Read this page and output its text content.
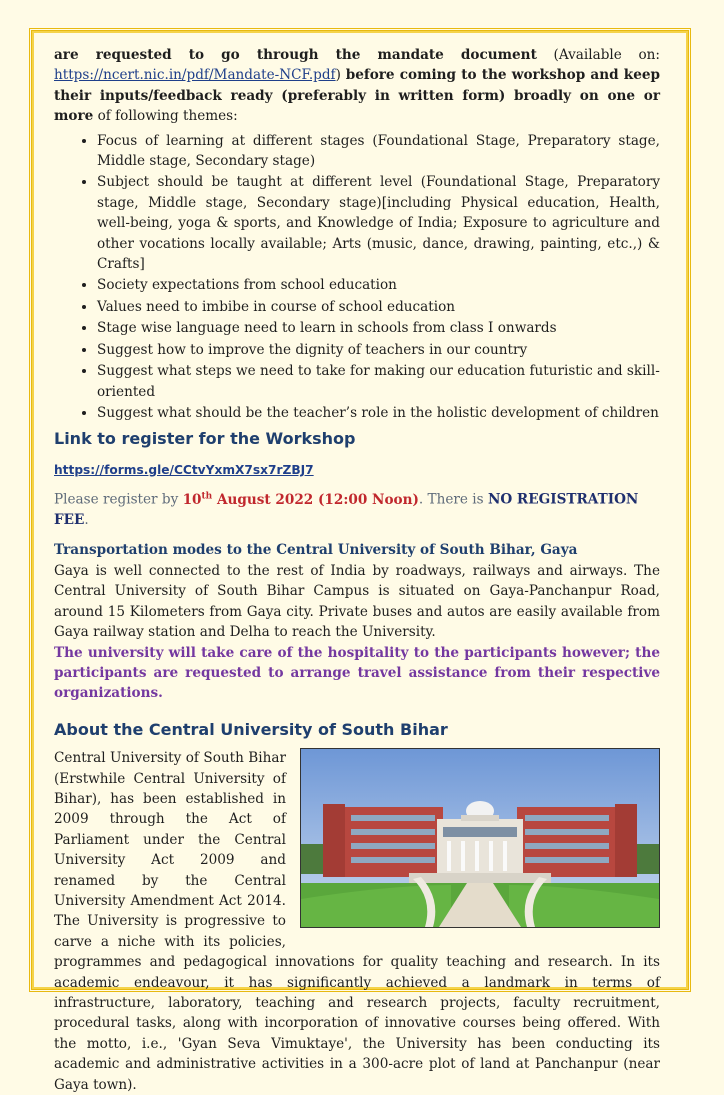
are requested to go through the mandate document (Available on: https://ncert.nic.in/pdf/Mandate-NCF.pdf) before coming to the workshop and keep their inputs/feedback ready (preferably in written form) broadly on one or more of following themes:

• Focus of learning at different stages (Foundational Stage, Preparatory stage, Middle stage, Secondary stage)
• Subject should be taught at different level (Foundational Stage, Preparatory stage, Middle stage, Secondary stage)[including Physical education, Health, well-being, yoga & sports, and Knowledge of India; Exposure to agriculture and other vocations locally available; Arts (music, dance, drawing, painting, etc.,) & Crafts]
• Society expectations from school education
• Values need to imbibe in course of school education
• Stage wise language need to learn in schools from class I onwards
• Suggest how to improve the dignity of teachers in our country
• Suggest what steps we need to take for making our education futuristic and skill-oriented
• Suggest what should be the teacher’s role in the holistic development of children
Link to register for the Workshop
https://forms.gle/CCtvYxmX7sx7rZBJ7
Please register by 10th August 2022 (12:00 Noon). There is NO REGISTRATION FEE.
Transportation modes to the Central University of South Bihar, Gaya

Gaya is well connected to the rest of India by roadways, railways and airways. The Central University of South Bihar Campus is situated on Gaya-Panchanpur Road, around 15 Kilometers from Gaya city. Private buses and autos are easily available from Gaya railway station and Delha to reach the University.

The university will take care of the hospitality to the participants however; the participants are requested to arrange travel assistance from their respective organizations.

About the Central University of South Bihar

Central University of South Bihar (Erstwhile Central University of Bihar), has been established in 2009 through the Act of Parliament under the Central University Act 2009 and renamed by the Central University Amendment Act 2014. The University is progressive to carve a niche with its policies, programmes and pedagogical innovations for quality teaching and research. In its academic endeavour, it has significantly achieved a landmark in terms of infrastructure, laboratory, teaching and research projects, faculty recruitment, procedural tasks, along with incorporation of innovative courses being offered. With the motto, i.e., 'Gyan Seva Vimuktaye', the University has been conducting its academic and administrative activities in a 300-acre plot of land at Panchanpur (near Gaya town).
